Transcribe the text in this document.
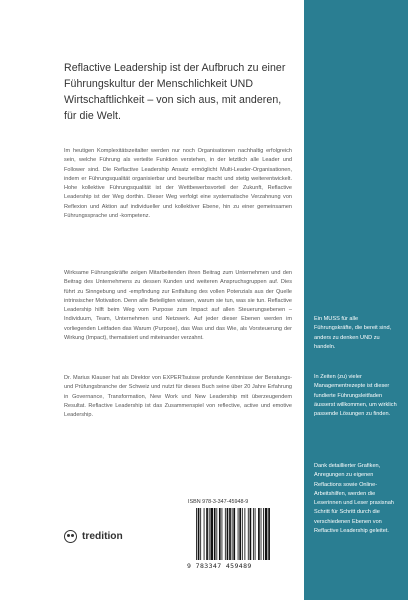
Reflactive Leadership ist der Aufbruch zu einer Führungskultur der Menschlichkeit UND Wirtschaftlichkeit – von sich aus, mit anderen, für die Welt.

Im heutigen Komplexitätszeitalter werden nur noch Organisationen nachhaltig erfolgreich sein, welche Führung als verteilte Funktion verstehen, in der letztlich alle Leader und Follower sind. Die Reflactive Leadership Ansatz ermöglicht Multi-Leader-Organisationen, indem er Führungsqualität organisierbar und beurteilbar macht und stetig weiterentwickelt. Hohe kollektive Führungsqualität ist der Wettbewerbsvorteil der Zukunft, Reflactive Leadership ist der Weg dorthin. Dieser Weg verfolgt eine systematische Verzahnung von Reflexion und Aktion auf individueller und kollektiver Ebene, hin zu einer gemeinsamen Führungssprache und -kompetenz.

Wirksame Führungskräfte zeigen Mitarbeitenden ihren Beitrag zum Unternehmen und den Beitrag des Unternehmens zu dessen Kunden und weiteren Anspruchsgruppen auf. Dies führt zu Sinngebung und -empfindung zur Entfaltung des vollen Potenzials aus der Quelle intrinsischer Motivation. Denn alle Beteiligten wissen, warum sie tun, was sie tun. Reflactive Leadership hilft beim Weg vom Purpose zum Impact auf allen Steuerungsebenen – Individuum, Team, Unternehmen und Netzwerk. Auf jeder dieser Ebenen werden im vorliegenden Leitfaden das Warum (Purpose), das Was und das Wie, als Vorsteuerung der Wirkung (Impact), thematisiert und miteinander verzahnt.

Dr. Marius Klauser hat als Direktor von EXPERTsuisse profunde Kenntnisse der Beratungs- und Prüfungsbranche der Schweiz und nutzt für dieses Buch seine über 20 Jahre Erfahrung in Governance, Transformation, New Work und New Leadership mit überzeugendem Resultat. Reflactive Leadership ist das Zusammenspiel von reflective, active und emotive Leadership.

tredition

Ein MUSS für alle Führungskräfte, die bereit sind, anders zu denken UND zu handeln.

In Zeiten (zu) vieler Managementrezepte ist dieser fundierte Führungsleitfaden äusserst willkommen, um wirklich passende Lösungen zu finden.

Dank detaillierter Grafiken, Anregungen zu eigenen Reflactions sowie Online-Arbeitshilfen, werden die Leserinnen und Leser praxisnah Schritt für Schritt durch die verschiedenen Ebenen von Reflactive Leadership geleitet.

ISBN 978-3-347-45948-9
9 783347 459489
